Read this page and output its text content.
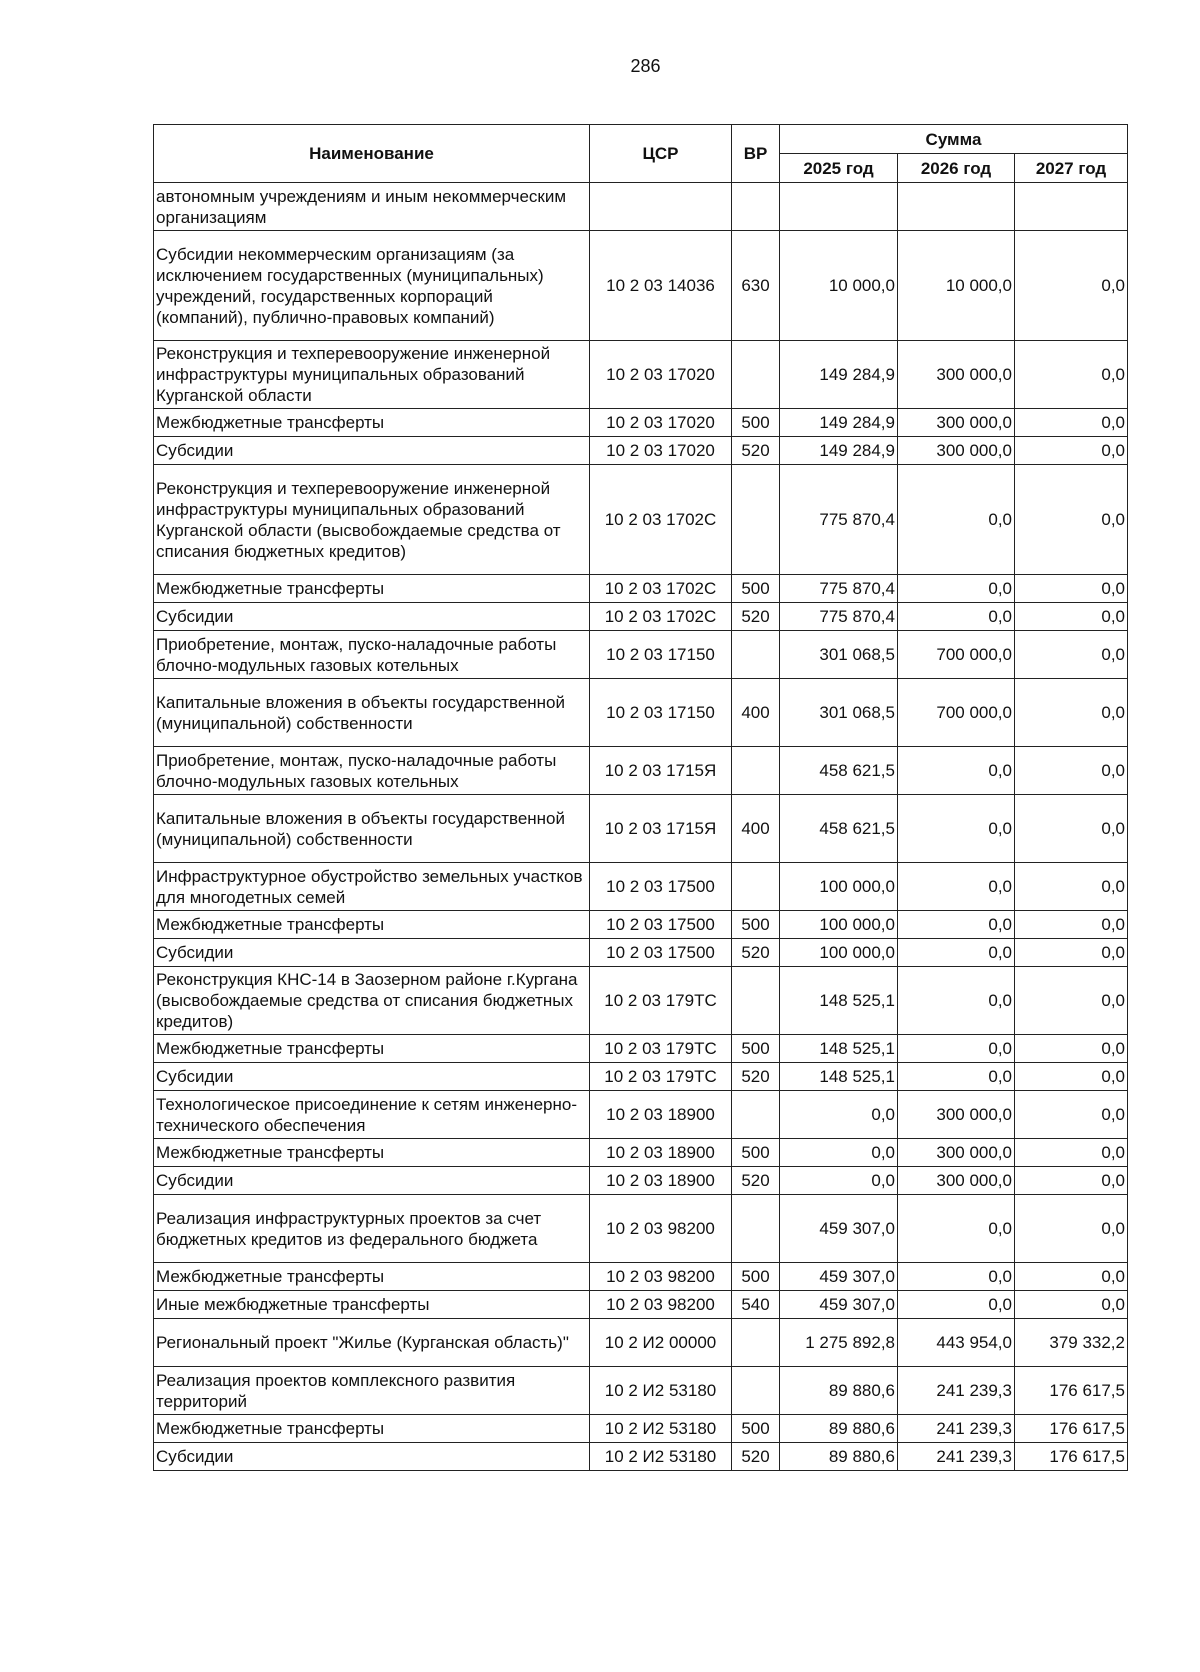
286
Наименование	ЦСР	ВР	Сумма		
			2025 год	2026 год	2027 год
автономным учреждениям и иным некоммерческим организациям					
Субсидии некоммерческим организациям (за исключением государственных (муниципальных) учреждений, государственных корпораций (компаний), публично-правовых компаний)	10 2 03 14036	630	10 000,0	10 000,0	0,0
Реконструкция и техперевооружение инженерной инфраструктуры муниципальных образований Курганской области	10 2 03 17020		149 284,9	300 000,0	0,0
Межбюджетные трансферты	10 2 03 17020	500	149 284,9	300 000,0	0,0
Субсидии	10 2 03 17020	520	149 284,9	300 000,0	0,0
Реконструкция и техперевооружение инженерной инфраструктуры муниципальных образований Курганской области (высвобождаемые средства от списания бюджетных кредитов)	10 2 03 1702С		775 870,4	0,0	0,0
Межбюджетные трансферты	10 2 03 1702С	500	775 870,4	0,0	0,0
Субсидии	10 2 03 1702С	520	775 870,4	0,0	0,0
Приобретение, монтаж, пуско-наладочные работы блочно-модульных газовых котельных	10 2 03 17150		301 068,5	700 000,0	0,0
Капитальные вложения в объекты государственной (муниципальной) собственности	10 2 03 17150	400	301 068,5	700 000,0	0,0
Приобретение, монтаж, пуско-наладочные работы блочно-модульных газовых котельных	10 2 03 1715Я		458 621,5	0,0	0,0
Капитальные вложения в объекты государственной (муниципальной) собственности	10 2 03 1715Я	400	458 621,5	0,0	0,0
Инфраструктурное обустройство земельных участков для многодетных семей	10 2 03 17500		100 000,0	0,0	0,0
Межбюджетные трансферты	10 2 03 17500	500	100 000,0	0,0	0,0
Субсидии	10 2 03 17500	520	100 000,0	0,0	0,0
Реконструкция КНС-14 в Заозерном районе г.Кургана (высвобождаемые средства от списания бюджетных кредитов)	10 2 03 179ТС		148 525,1	0,0	0,0
Межбюджетные трансферты	10 2 03 179ТС	500	148 525,1	0,0	0,0
Субсидии	10 2 03 179ТС	520	148 525,1	0,0	0,0
Технологическое присоединение к сетям инженерно-технического обеспечения	10 2 03 18900		0,0	300 000,0	0,0
Межбюджетные трансферты	10 2 03 18900	500	0,0	300 000,0	0,0
Субсидии	10 2 03 18900	520	0,0	300 000,0	0,0
Реализация инфраструктурных проектов за счет бюджетных кредитов из федерального бюджета	10 2 03 98200		459 307,0	0,0	0,0
Межбюджетные трансферты	10 2 03 98200	500	459 307,0	0,0	0,0
Иные межбюджетные трансферты	10 2 03 98200	540	459 307,0	0,0	0,0
Региональный проект "Жилье (Курганская область)"	10 2 И2 00000		1 275 892,8	443 954,0	379 332,2
Реализация проектов комплексного развития территорий	10 2 И2 53180		89 880,6	241 239,3	176 617,5
Межбюджетные трансферты	10 2 И2 53180	500	89 880,6	241 239,3	176 617,5
Субсидии	10 2 И2 53180	520	89 880,6	241 239,3	176 617,5
